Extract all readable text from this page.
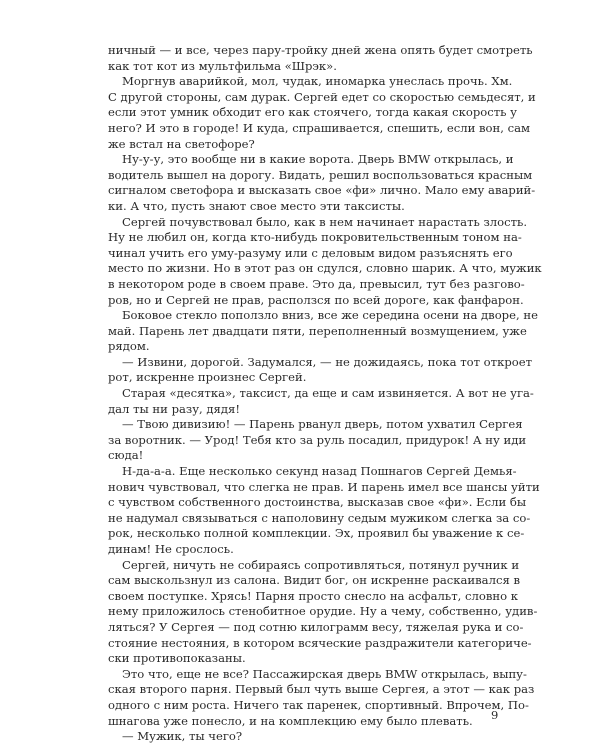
ничный — и все, через пару-тройку дней жена опять будет смотреть
как тот кот из мультфильма «Шрэк».
Моргнув аварийкой, мол, чудак, иномарка унеслась прочь. Хм.
С другой стороны, сам дурак. Сергей едет со скоростью семьдесят, и
если этот умник обходит его как стоячего, тогда какая скорость у
него? И это в городе! И куда, спрашивается, спешить, если вон, сам
же встал на светофоре?
Ну-у-у, это вообще ни в какие ворота. Дверь BMW открылась, и
водитель вышел на дорогу. Видать, решил воспользоваться красным
сигналом светофора и высказать свое «фи» лично. Мало ему аварий-
ки. А что, пусть знают свое место эти таксисты.
Сергей почувствовал было, как в нем начинает нарастать злость.
Ну не любил он, когда кто-нибудь покровительственным тоном на-
чинал учить его уму-разуму или с деловым видом разъяснять его
место по жизни. Но в этот раз он сдулся, словно шарик. А что, мужик
в некотором роде в своем праве. Это да, превысил, тут без разгово-
ров, но и Сергей не прав, расползся по всей дороге, как фанфарон.
Боковое стекло поползло вниз, все же середина осени на дворе, не
май. Парень лет двадцати пяти, переполненный возмущением, уже
рядом.
— Извини, дорогой. Задумался, — не дожидаясь, пока тот откроет
рот, искренне произнес Сергей.
Старая «десятка», таксист, да еще и сам извиняется. А вот не уга-
дал ты ни разу, дядя!
— Твою дивизию! — Парень рванул дверь, потом ухватил Сергея
за воротник. — Урод! Тебя кто за руль посадил, придурок! А ну иди
сюда!
Н-да-а-а. Еще несколько секунд назад Пошнагов Сергей Демья-
нович чувствовал, что слегка не прав. И парень имел все шансы уйти
с чувством собственного достоинства, высказав свое «фи». Если бы
не надумал связываться с наполовину седым мужиком слегка за со-
рок, несколько полной комплекции. Эх, проявил бы уважение к се-
динам! Не срослось.
Сергей, ничуть не собираясь сопротивляться, потянул ручник и
сам выскользнул из салона. Видит бог, он искренне раскаивался в
своем поступке. Хрясь! Парня просто снесло на асфальт, словно к
нему приложилось стенобитное орудие. Ну а чему, собственно, удив-
ляться? У Сергея — под сотню килограмм весу, тяжелая рука и со-
стояние нестояния, в котором всяческие раздражители категориче-
ски противопоказаны.
Это что, еще не все? Пассажирская дверь BMW открылась, выпу-
ская второго парня. Первый был чуть выше Сергея, а этот — как раз
одного с ним роста. Ничего так паренек, спортивный. Впрочем, По-
шнагова уже понесло, и на комплекцию ему было плевать.
— Мужик, ты чего?
9
